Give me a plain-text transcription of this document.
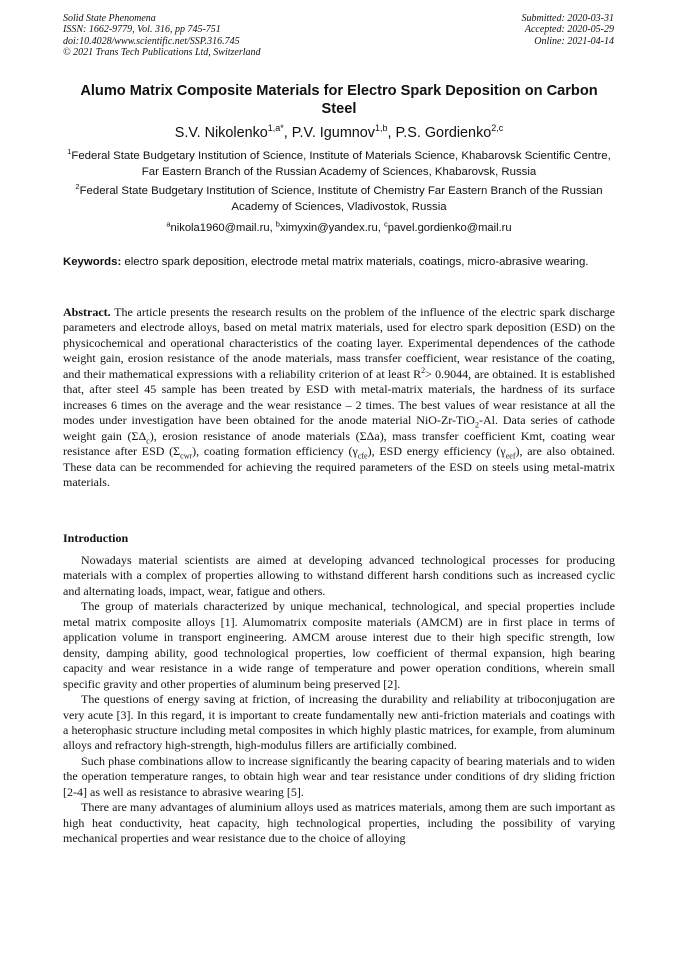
Solid State Phenomena
ISSN: 1662-9779, Vol. 316, pp 745-751
doi:10.4028/www.scientific.net/SSP.316.745
© 2021 Trans Tech Publications Ltd, Switzerland
Submitted: 2020-03-31
Accepted: 2020-05-29
Online: 2021-04-14
Alumo Matrix Composite Materials for Electro Spark Deposition on Carbon Steel
S.V. Nikolenko$^{1,a*}$, P.V. Igumnov$^{1,b}$, P.S. Gordienko$^{2,c}$
$^1$Federal State Budgetary Institution of Science, Institute of Materials Science, Khabarovsk Scientific Centre, Far Eastern Branch of the Russian Academy of Sciences, Khabarovsk, Russia
$^2$Federal State Budgetary Institution of Science, Institute of Chemistry Far Eastern Branch of the Russian Academy of Sciences, Vladivostok, Russia
$^a$nikola1960@mail.ru, $^b$ximyxin@yandex.ru, $^c$pavel.gordienko@mail.ru
Keywords: electro spark deposition, electrode metal matrix materials, coatings, micro-abrasive wearing.
Abstract. The article presents the research results on the problem of the influence of the electric spark discharge parameters and electrode alloys, based on metal matrix materials, used for electro spark deposition (ESD) on the physicochemical and operational characteristics of the coating layer. Experimental dependences of the cathode weight gain, erosion resistance of the anode materials, mass transfer coefficient, wear resistance of the coating, and their mathematical expressions with a reliability criterion of at least $R^2> 0.9044$, are obtained. It is established that, after steel 45 sample has been treated by ESD with metal-matrix materials, the hardness of its surface increases 6 times on the average and the wear resistance – 2 times. The best values of wear resistance at all the modes under investigation have been obtained for the anode material NiO-Zr-TiO$_2$-Al. Data series of cathode weight gain $(\Sigma\Delta_c)$, erosion resistance of anode materials (ΣΔa), mass transfer coefficient Kmt, coating wear resistance after ESD $(\Sigma_{cwr})$, coating formation efficiency $(\gamma_{cfe})$, ESD energy efficiency $(\gamma_{eef})$, are also obtained. These data can be recommended for achieving the required parameters of the ESD on steels using metal-matrix materials.
Introduction

Nowadays material scientists are aimed at developing advanced technological processes for producing materials with a complex of properties allowing to withstand different harsh conditions such as increased cyclic and alternating loads, impact, wear, fatigue and others.

The group of materials characterized by unique mechanical, technological, and special properties include metal matrix composite alloys [1]. Alumomatrix composite materials (AMCM) are in first place in terms of application volume in transport engineering. AMCM arouse interest due to their high specific strength, low density, damping ability, good technological properties, low coefficient of thermal expansion, high bearing capacity and wear resistance in a wide range of temperature and power operation conditions, wherein small specific gravity and other properties of aluminum being preserved [2].

The questions of energy saving at friction, of increasing the durability and reliability at triboconjugation are very acute [3]. In this regard, it is important to create fundamentally new anti-friction materials and coatings with a heterophasic structure including metal composites in which highly plastic matrices, for example, from aluminum alloys and refractory high-strength, high-modulus fillers are artificially combined.

Such phase combinations allow to increase significantly the bearing capacity of bearing materials and to widen the operation temperature ranges, to obtain high wear and tear resistance under conditions of dry sliding friction [2-4] as well as resistance to abrasive wearing [5].

There are many advantages of aluminium alloys used as matrices materials, among them are such important as high heat conductivity, heat capacity, high technological properties, including the possibility of varying mechanical properties and wear resistance due to the choice of alloying
